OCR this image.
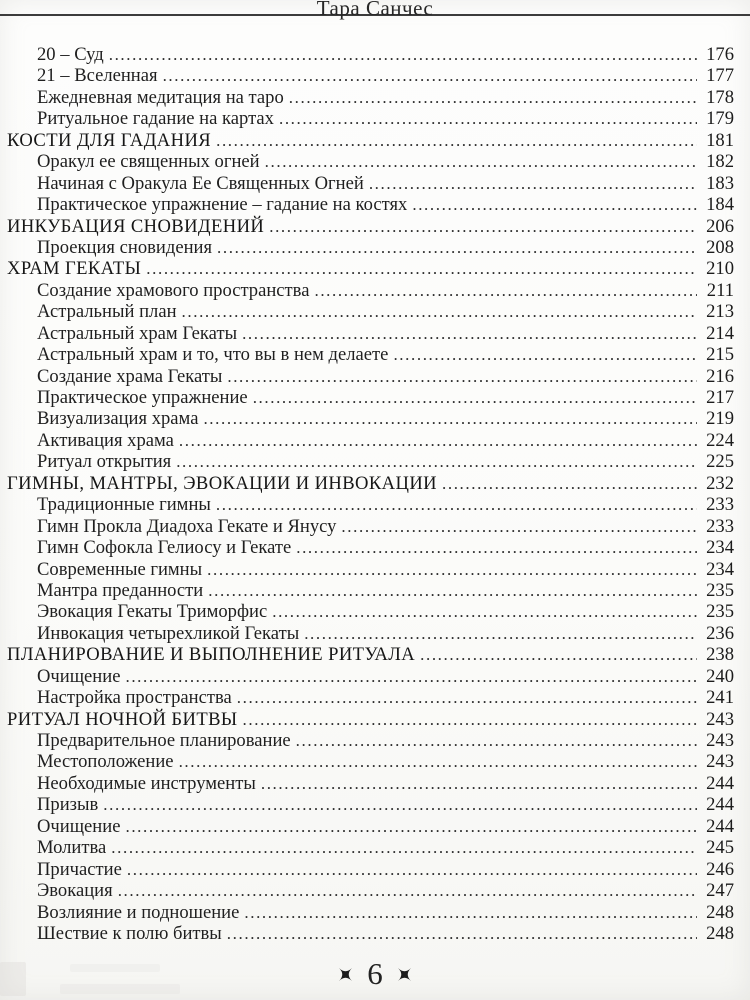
Тара Санчес
20 – Суд .....	176
21 – Вселенная .....	177
Ежедневная медитация на таро .....	178
Ритуальное гадание на картах .....	179
КОСТИ ДЛЯ ГАДАНИЯ .....	181
Оракул ее священных огней .....	182
Начиная с Оракула Ее Священных Огней .....	183
Практическое упражнение – гадание на костях .....	184
ИНКУБАЦИЯ СНОВИДЕНИЙ .....	206
Проекция сновидения .....	208
ХРАМ ГЕКАТЫ .....	210
Создание храмового пространства .....	211
Астральный план .....	213
Астральный храм Гекаты .....	214
Астральный храм и то, что вы в нем делаете .....	215
Создание храма Гекаты .....	216
Практическое упражнение .....	217
Визуализация храма .....	219
Активация храма .....	224
Ритуал открытия .....	225
ГИМНЫ, МАНТРЫ, ЭВОКАЦИИ И ИНВОКАЦИИ .....	232
Традиционные гимны .....	233
Гимн Прокла Диадоха Гекате и Янусу .....	233
Гимн Софокла Гелиосу и Гекате .....	234
Современные гимны .....	234
Мантра преданности .....	235
Эвокация Гекаты Триморфис .....	235
Инвокация четырехликой Гекаты .....	236
ПЛАНИРОВАНИЕ И ВЫПОЛНЕНИЕ РИТУАЛА .....	238
Очищение .....	240
Настройка пространства .....	241
РИТУАЛ НОЧНОЙ БИТВЫ .....	243
Предварительное планирование .....	243
Местоположение .....	243
Необходимые инструменты .....	244
Призыв .....	244
Очищение .....	244
Молитва .....	245
Причастие .....	246
Эвокация .....	247
Возлияние и подношение .....	248
Шествие к полю битвы .....	248
6
